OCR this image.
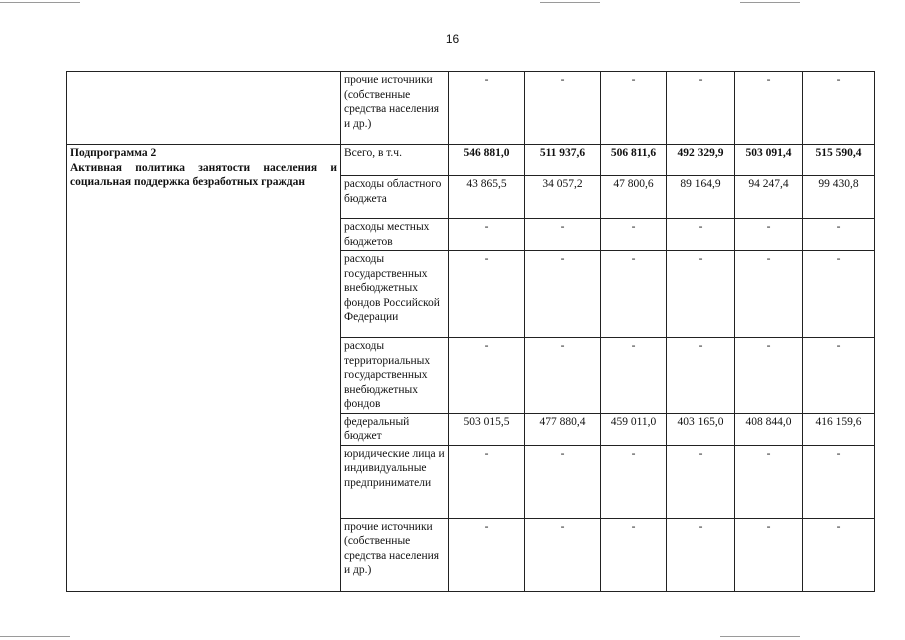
16
	прочие источники (собственные средства населения и др.)	-	-	-	-	-	-

Подпрограмма 2
Активная политика занятости населения и социальная поддержка безработных граждан	Всего, в т.ч.	546 881,0	511 937,6	506 811,6	492 329,9	503 091,4	515 590,4
	расходы областного бюджета	43 865,5	34 057,2	47 800,6	89 164,9	94 247,4	99 430,8
	расходы местных бюджетов	-	-	-	-	-	-
	расходы государственных внебюджетных фондов Российской Федерации	-	-	-	-	-	-
	расходы территориальных государственных внебюджетных фондов	-	-	-	-	-	-
	федеральный бюджет	503 015,5	477 880,4	459 011,0	403 165,0	408 844,0	416 159,6
	юридические лица и индивидуальные предприниматели	-	-	-	-	-	-
	прочие источники (собственные средства населения и др.)	-	-	-	-	-	-
